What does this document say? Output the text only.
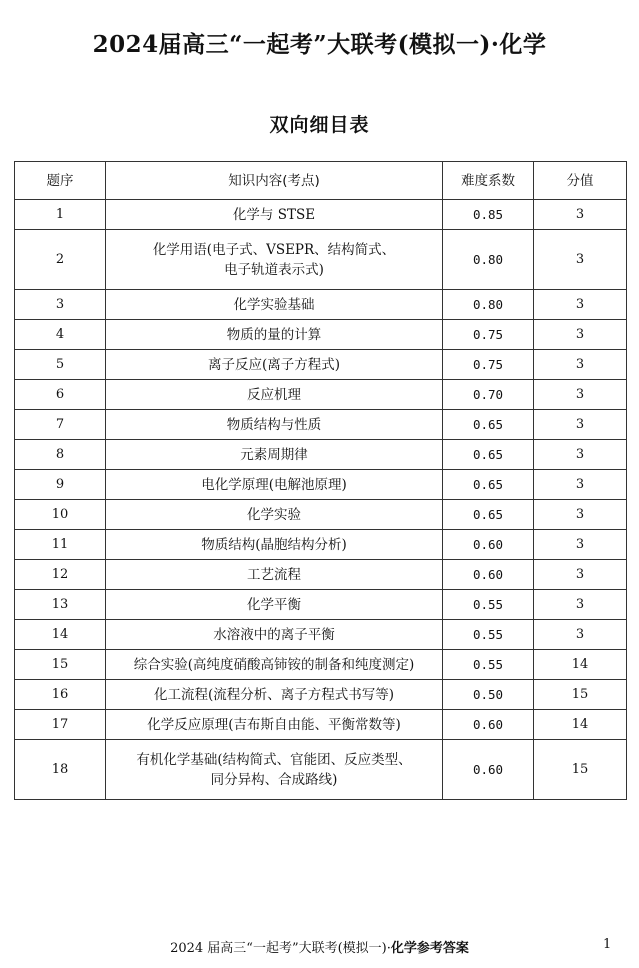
2024届高三“一起考”大联考(模拟一)·化学
双向细目表
题序	知识内容(考点)	难度系数	分值
1	化学与 STSE	0.85	3
2	化学用语(电子式、VSEPR、结构简式、
电子轨道表示式)	0.80	3
3	化学实验基础	0.80	3
4	物质的量的计算	0.75	3
5	离子反应(离子方程式)	0.75	3
6	反应机理	0.70	3
7	物质结构与性质	0.65	3
8	元素周期律	0.65	3
9	电化学原理(电解池原理)	0.65	3
10	化学实验	0.65	3
11	物质结构(晶胞结构分析)	0.60	3
12	工艺流程	0.60	3
13	化学平衡	0.55	3
14	水溶液中的离子平衡	0.55	3
15	综合实验(高纯度硝酸高铈铵的制备和纯度测定)	0.55	14
16	化工流程(流程分析、离子方程式书写等)	0.50	15
17	化学反应原理(吉布斯自由能、平衡常数等)	0.60	14
18	有机化学基础(结构简式、官能团、反应类型、
同分异构、合成路线)	0.60	15
2024 届高三“一起考”大联考(模拟一)·化学参考答案	1
